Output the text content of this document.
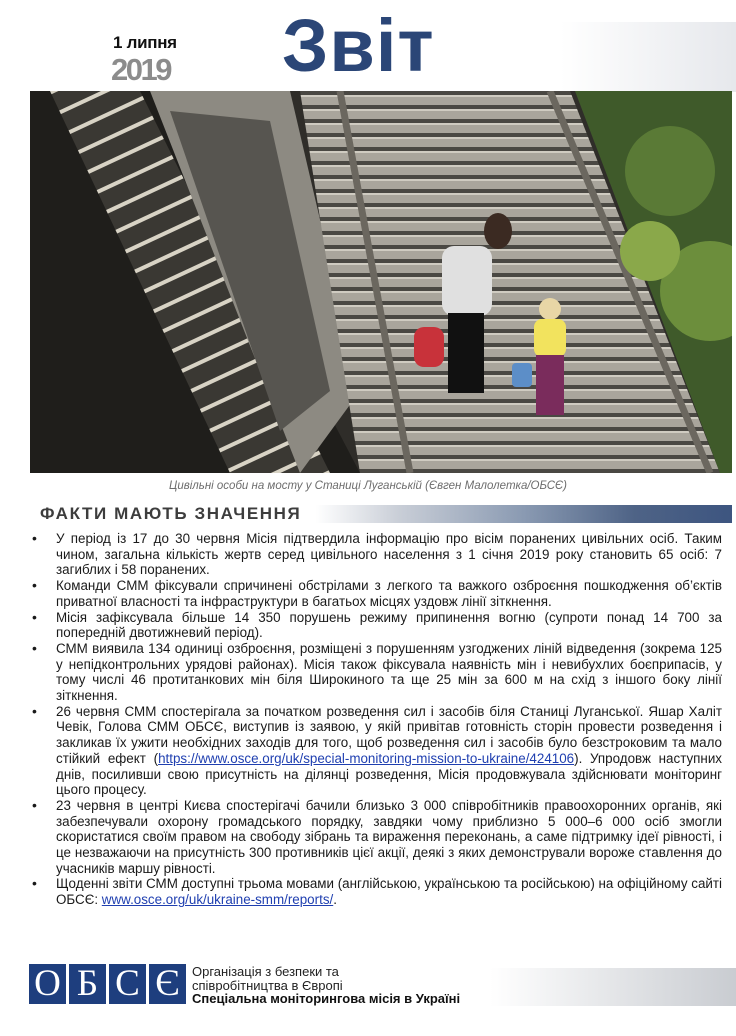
1 липня
2019 Звіт
Цивільні особи на мосту у Станиці Луганській (Євген Малолетка/ОБСЄ)
ФАКТИ МАЮТЬ ЗНАЧЕННЯ
• У період із 17 до 30 червня Місія підтвердила інформацію про вісім поранених цивільних осіб. Таким чином, загальна кількість жертв серед цивільного населення з 1 січня 2019 року становить 65 осіб: 7 загиблих і 58 поранених.
• Команди СММ фіксували спричинені обстрілами з легкого та важкого озброєння пошкодження об’єктів приватної власності та інфраструктури в багатьох місцях уздовж лінії зіткнення.
• Місія зафіксувала більше 14 350 порушень режиму припинення вогню (супроти понад 14 700 за попередній двотижневий період).
• СММ виявила 134 одиниці озброєння, розміщені з порушенням узгоджених ліній відведення (зокрема 125 у непідконтрольних урядові районах). Місія також фіксувала наявність мін і невибухлих боєприпасів, у тому числі 46 протитанкових мін біля Широкиного та ще 25 мін за 600 м на схід з іншого боку лінії зіткнення.
• 26 червня СММ спостерігала за початком розведення сил і засобів біля Станиці Луганської. Яшар Халіт Чевік, Голова СММ ОБСЄ, виступив із заявою, у якій привітав готовність сторін провести розведення і закликав їх ужити необхідних заходів для того, щоб розведення сил і засобів було безстроковим та мало стійкий ефект (https://www.osce.org/uk/special-monitoring-mission-to-ukraine/424106). Упродовж наступних днів, посиливши свою присутність на ділянці розведення, Місія продовжувала здійснювати моніторинг цього процесу.
• 23 червня в центрі Києва спостерігачі бачили близько 3 000 співробітників правоохоронних органів, які забезпечували охорону громадського порядку, завдяки чому приблизно 5 000–6 000 осіб змогли скористатися своїм правом на свободу зібрань та вираження переконань, а саме підтримку ідеї рівності, і це незважаючи на присутність 300 противників цієї акції, деякі з яких демонстрували вороже ставлення до учасників маршу рівності.
• Щоденні звіти СММ доступні трьома мовами (англійською, українською та російською) на офіційному сайті ОБСЄ: www.osce.org/uk/ukraine-smm/reports/.
О Б С Є Організація з безпеки та
співробітництва в Європі
Спеціальна моніторингова місія в Україні
